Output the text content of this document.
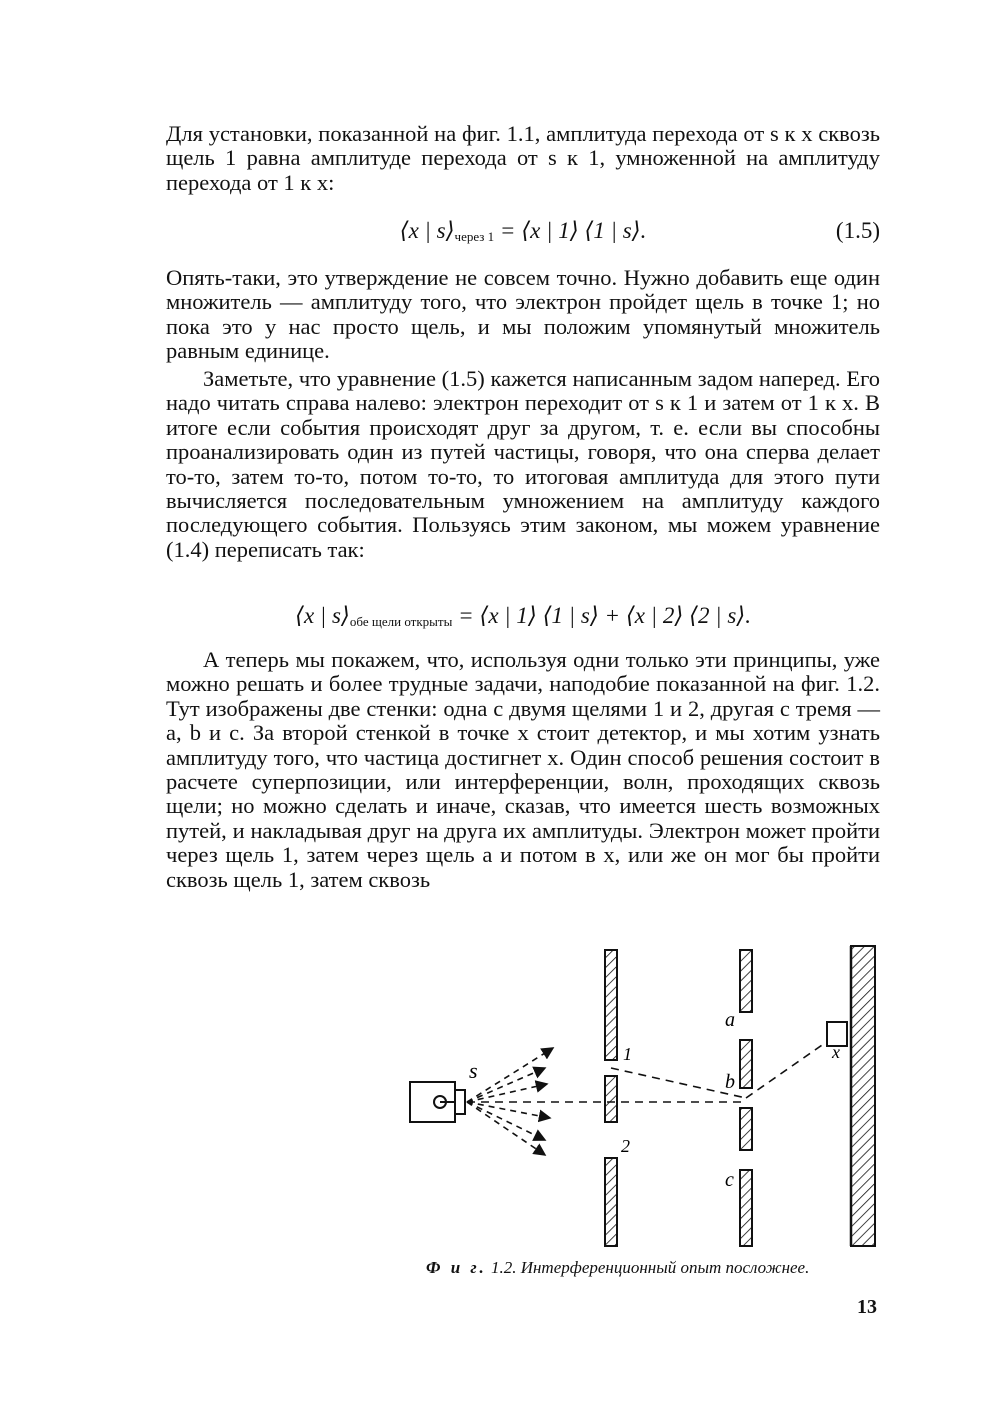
Для установки, показанной на фиг. 1.1, амплитуда перехода от s к x сквозь щель 1 равна амплитуде перехода от s к 1, умноженной на амплитуду перехода от 1 к x:

⟨x | $s⟩_{через 1}$ = ⟨x | 1⟩ ⟨1 | s⟩.	(1.5)

Опять-таки, это утверждение не совсем точно. Нужно добавить еще один множитель — амплитуду того, что электрон пройдет щель в точке 1; но пока это у нас просто щель, и мы положим упомянутый множитель равным единице.

Заметьте, что уравнение (1.5) кажется написанным задом наперед. Его надо читать справа налево: электрон переходит от s к 1 и затем от 1 к x. В итоге если события происходят друг за другом, т. е. если вы способны проанализировать один из путей частицы, говоря, что она сперва делает то-то, затем то-то, потом то-то, то итоговая амплитуда для этого пути вычисляется последовательным умножением на амплитуду каждого последующего события. Пользуясь этим законом, мы можем уравнение (1.4) переписать так:

⟨x | $s⟩_{обе щели открыты}$ = ⟨x | 1⟩ ⟨1 | s⟩ + ⟨x | 2⟩ ⟨2 | s⟩.

А теперь мы покажем, что, используя одни только эти принципы, уже можно решать и более трудные задачи, наподобие показанной на фиг. 1.2. Тут изображены две стенки: одна с двумя щелями 1 и 2, другая с тремя — a, b и c. За второй стенкой в точке x стоит детектор, и мы хотим узнать амплитуду того, что частица достигнет x. Один способ решения состоит в расчете суперпозиции, или интерференции, волн, проходящих сквозь щели; но можно сделать и иначе, сказав, что имеется шесть возможных путей, и накладывая друг на друга их амплитуды. Электрон может пройти через щель 1, затем через щель a и потом в x, или же он мог бы пройти сквозь щель 1, затем сквозь

s
1
2
a
b
c
x
Ф и г. 1.2. Интерференционный опыт посложнее.
13
